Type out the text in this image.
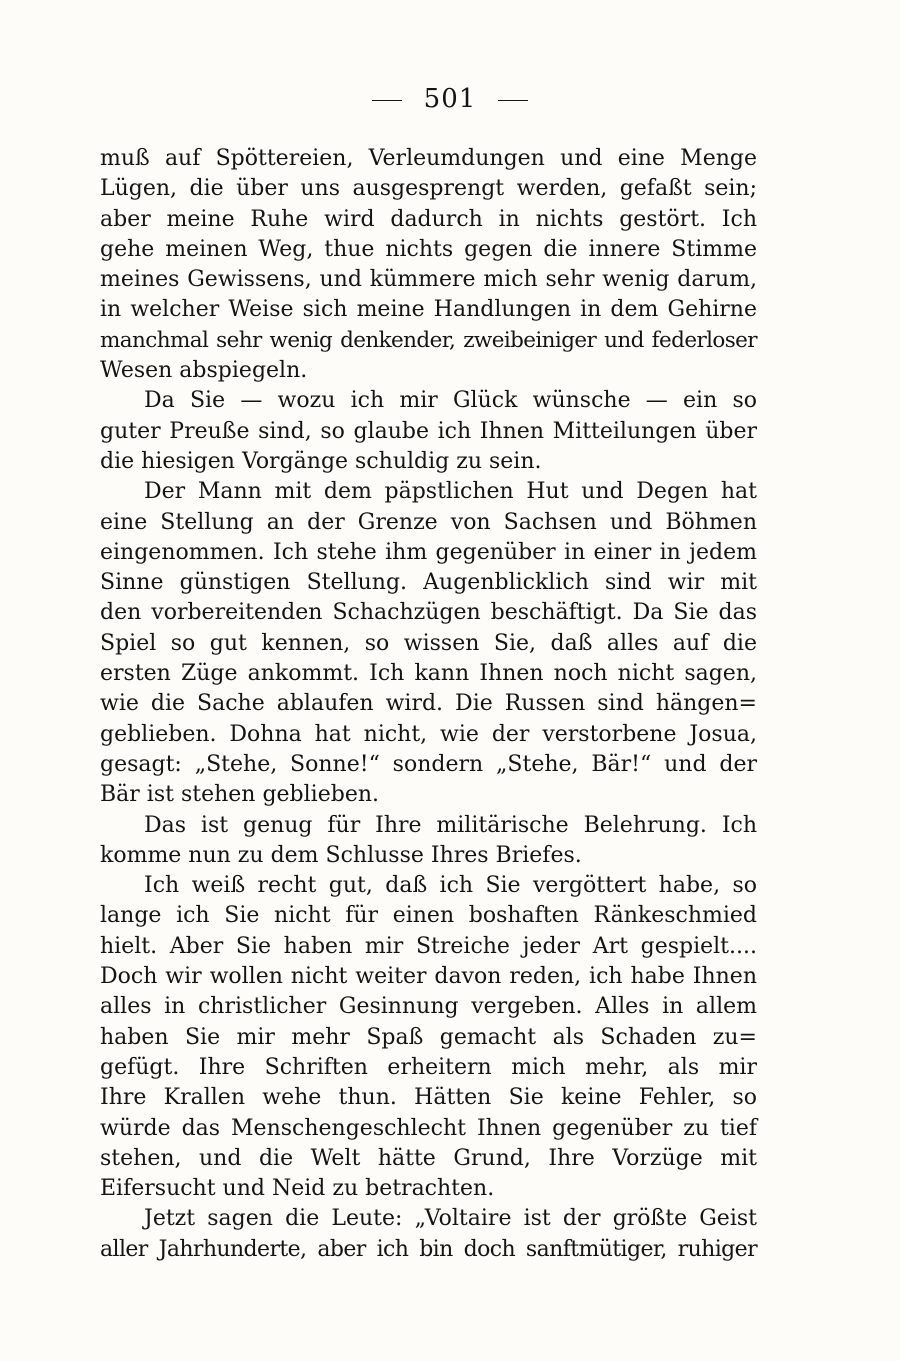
501
muß auf Spöttereien, Verleumdungen und eine Menge
Lügen, die über uns ausgesprengt werden, gefaßt sein;
aber meine Ruhe wird dadurch in nichts gestört. Ich
gehe meinen Weg, thue nichts gegen die innere Stimme
meines Gewissens, und kümmere mich sehr wenig darum,
in welcher Weise sich meine Handlungen in dem Gehirne
manchmal sehr wenig denkender, zweibeiniger und federloser
Wesen abspiegeln.
Da Sie — wozu ich mir Glück wünsche — ein so
guter Preuße sind, so glaube ich Ihnen Mitteilungen über
die hiesigen Vorgänge schuldig zu sein.
Der Mann mit dem päpstlichen Hut und Degen hat
eine Stellung an der Grenze von Sachsen und Böhmen
eingenommen. Ich stehe ihm gegenüber in einer in jedem
Sinne günstigen Stellung. Augenblicklich sind wir mit
den vorbereitenden Schachzügen beschäftigt. Da Sie das
Spiel so gut kennen, so wissen Sie, daß alles auf die
ersten Züge ankommt. Ich kann Ihnen noch nicht sagen,
wie die Sache ablaufen wird. Die Russen sind hängen=
geblieben. Dohna hat nicht, wie der verstorbene Josua,
gesagt: „Stehe, Sonne!“ sondern „Stehe, Bär!“ und der
Bär ist stehen geblieben.
Das ist genug für Ihre militärische Belehrung. Ich
komme nun zu dem Schlusse Ihres Briefes.
Ich weiß recht gut, daß ich Sie vergöttert habe, so
lange ich Sie nicht für einen boshaften Ränkeschmied
hielt. Aber Sie haben mir Streiche jeder Art gespielt....
Doch wir wollen nicht weiter davon reden, ich habe Ihnen
alles in christlicher Gesinnung vergeben. Alles in allem
haben Sie mir mehr Spaß gemacht als Schaden zu=
gefügt. Ihre Schriften erheitern mich mehr, als mir
Ihre Krallen wehe thun. Hätten Sie keine Fehler, so
würde das Menschengeschlecht Ihnen gegenüber zu tief
stehen, und die Welt hätte Grund, Ihre Vorzüge mit
Eifersucht und Neid zu betrachten.
Jetzt sagen die Leute: „Voltaire ist der größte Geist
aller Jahrhunderte, aber ich bin doch sanftmütiger, ruhiger
